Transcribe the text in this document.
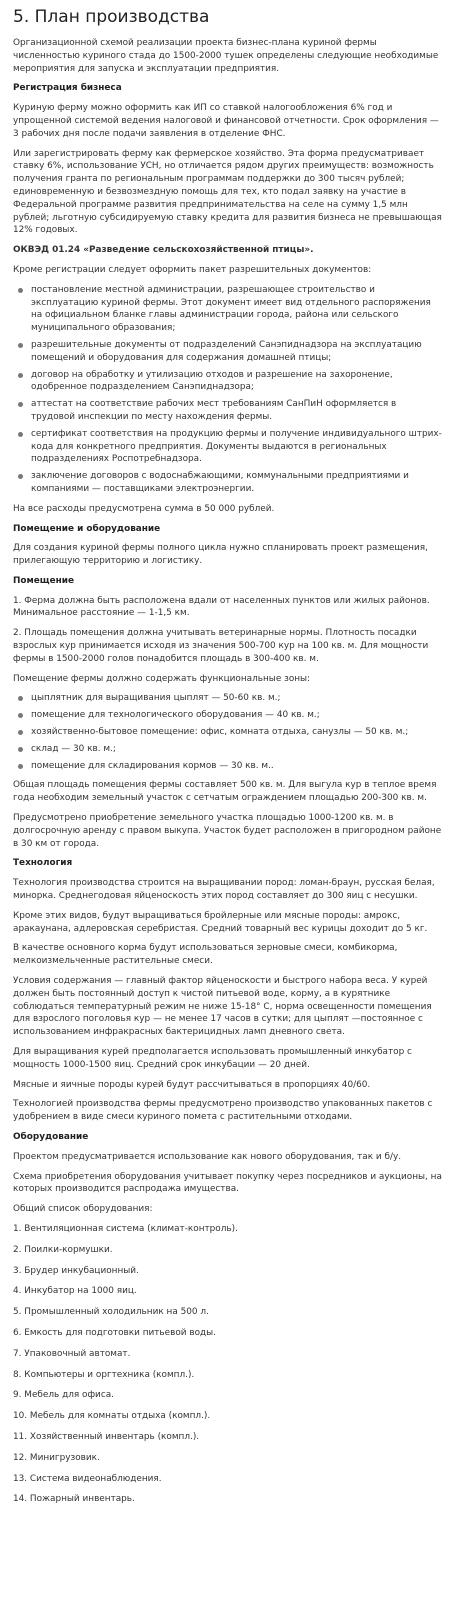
5. План производства

Организационной схемой реализации проекта бизнес-плана куриной фермы численностью куриного стада до 1500-2000 тушек определены следующие необходимые мероприятия для запуска и эксплуатации предприятия.

Регистрация бизнеса

Куриную ферму можно оформить как ИП со ставкой налогообложения 6% год и упрощенной системой ведения налоговой и финансовой отчетности. Срок оформления — 3 рабочих дня после подачи заявления в отделение ФНС.

Или зарегистрировать ферму как фермерское хозяйство. Эта форма предусматривает ставку 6%, использование УСН, но отличается рядом других преимуществ: возможность получения гранта по региональным программам поддержки до 300 тысяч рублей; единовременную и безвозмездную помощь для тех, кто подал заявку на участие в Федеральной программе развития предпринимательства на селе на сумму 1,5 млн рублей; льготную субсидируемую ставку кредита для развития бизнеса не превышающая 12% годовых.

ОКВЭД 01.24 «Разведение сельскохозяйственной птицы».

Кроме регистрации следует оформить пакет разрешительных документов:

постановление местной администрации, разрешающее строительство и эксплуатацию куриной фермы. Этот документ имеет вид отдельного распоряжения на официальном бланке главы администрации города, района или сельского муниципального образования;
разрешительные документы от подразделений Санэпиднадзора на эксплуатацию помещений и оборудования для содержания домашней птицы;
договор на обработку и утилизацию отходов и разрешение на захоронение, одобренное подразделением Санэпиднадзора;
аттестат на соответствие рабочих мест требованиям СанПиН оформляется в трудовой инспекции по месту нахождения фермы.
сертификат соответствия на продукцию фермы и получение индивидуального штрих-кода для конкретного предприятия. Документы выдаются в региональных подразделениях Роспотребнадзора.
заключение договоров с водоснабжающими, коммунальными предприятиями и компаниями — поставщиками электроэнергии.

На все расходы предусмотрена сумма в 50 000 рублей.

Помещение и оборудование

Для создания куриной фермы полного цикла нужно спланировать проект размещения, прилегающую территорию и логистику.

Помещение

1. Ферма должна быть расположена вдали от населенных пунктов или жилых районов. Минимальное расстояние — 1-1,5 км.

2. Площадь помещения должна учитывать ветеринарные нормы. Плотность посадки взрослых кур принимается исходя из значения 500-700 кур на 100 кв. м. Для мощности фермы в 1500-2000 голов понадобится площадь в 300-400 кв. м.

Помещение фермы должно содержать функциональные зоны:

цыплятник для выращивания цыплят — 50-60 кв. м.;
помещение для технологического оборудования — 40 кв. м.;
хозяйственно-бытовое помещение: офис, комната отдыха, санузлы — 50 кв. м.;
склад — 30 кв. м.;
помещение для складирования кормов — 30 кв. м..

Общая площадь помещения фермы составляет 500 кв. м. Для выгула кур в теплое время года необходим земельный участок с сетчатым ограждением площадью 200-300 кв. м.

Предусмотрено приобретение земельного участка площадью 1000-1200 кв. м. в долгосрочную аренду с правом выкупа. Участок будет расположен в пригородном районе в 30 км от города.

Технология

Технология производства строится на выращивании пород: ломан-браун, русская белая, минорка. Среднегодовая яйценоскость этих пород составляет до 300 яиц с несушки.

Кроме этих видов, будут выращиваться бройлерные или мясные породы: амрокс, аракаунана, адлеровская серебристая. Средний товарный вес курицы доходит до 5 кг.

В качестве основного корма будут использоваться зерновые смеси, комбикорма, мелкоизмельченные растительные смеси.

Условия содержания — главный фактор яйценоскости и быстрого набора веса. У курей должен быть постоянный доступ к чистой питьевой воде, корму, а в курятнике соблюдаться температурный режим не ниже 15-18° С, норма освещенности помещения для взрослого поголовья кур — не менее 17 часов в сутки; для цыплят —постоянное с использованием инфракрасных бактерицидных ламп дневного света.

Для выращивания курей предполагается использовать промышленный инкубатор с мощность 1000-1500 яиц. Средний срок инкубации — 20 дней.

Мясные и яичные породы курей будут рассчитываться в пропорциях 40/60.

Технологией производства фермы предусмотрено производство упакованных пакетов с удобрением в виде смеси куриного помета с растительными отходами.

Оборудование

Проектом предусматривается использование как нового оборудования, так и б/у.

Схема приобретения оборудования учитывает покупку через посредников и аукционы, на которых производится распродажа имущества.

Общий список оборудования:

1. Вентиляционная система (климат-контроль).

2. Поилки-кормушки.

3. Брудер инкубационный.

4. Инкубатор на 1000 яиц.

5. Промышленный холодильник на 500 л.

6. Емкость для подготовки питьевой воды.

7. Упаковочный автомат.

8. Компьютеры и оргтехника (компл.).

9. Мебель для офиса.

10. Мебель для комнаты отдыха (компл.).

11. Хозяйственный инвентарь (компл.).

12. Минигрузовик.

13. Система видеонаблюдения.

14. Пожарный инвентарь.
